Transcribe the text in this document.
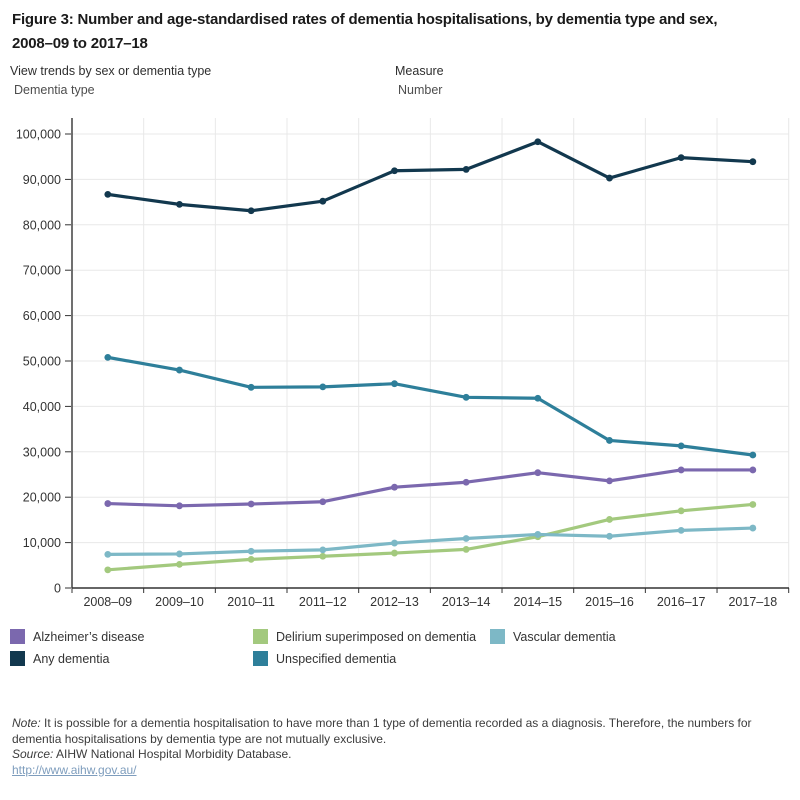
Figure 3: Number and age-standardised rates of dementia hospitalisations, by dementia type and sex,
2008–09 to 2017–18
View trends by sex or dementia type
Dementia type
Measure
Number
0
10,000
20,000
30,000
40,000
50,000
60,000
70,000
80,000
90,000
100,000
2008–09 2009–10 2010–11 2011–12 2012–13 2013–14 2014–15 2015–16 2016–17 2017–18
Alzheimer’s disease	Delirium superimposed on dementia	Vascular dementia
Any dementia	Unspecified dementia

Note: It is possible for a dementia hospitalisation to have more than 1 type of dementia recorded as a diagnosis. Therefore, the numbers for dementia hospitalisations by dementia type are not mutually exclusive.

Source: AIHW National Hospital Morbidity Database.

http://www.aihw.gov.au/
